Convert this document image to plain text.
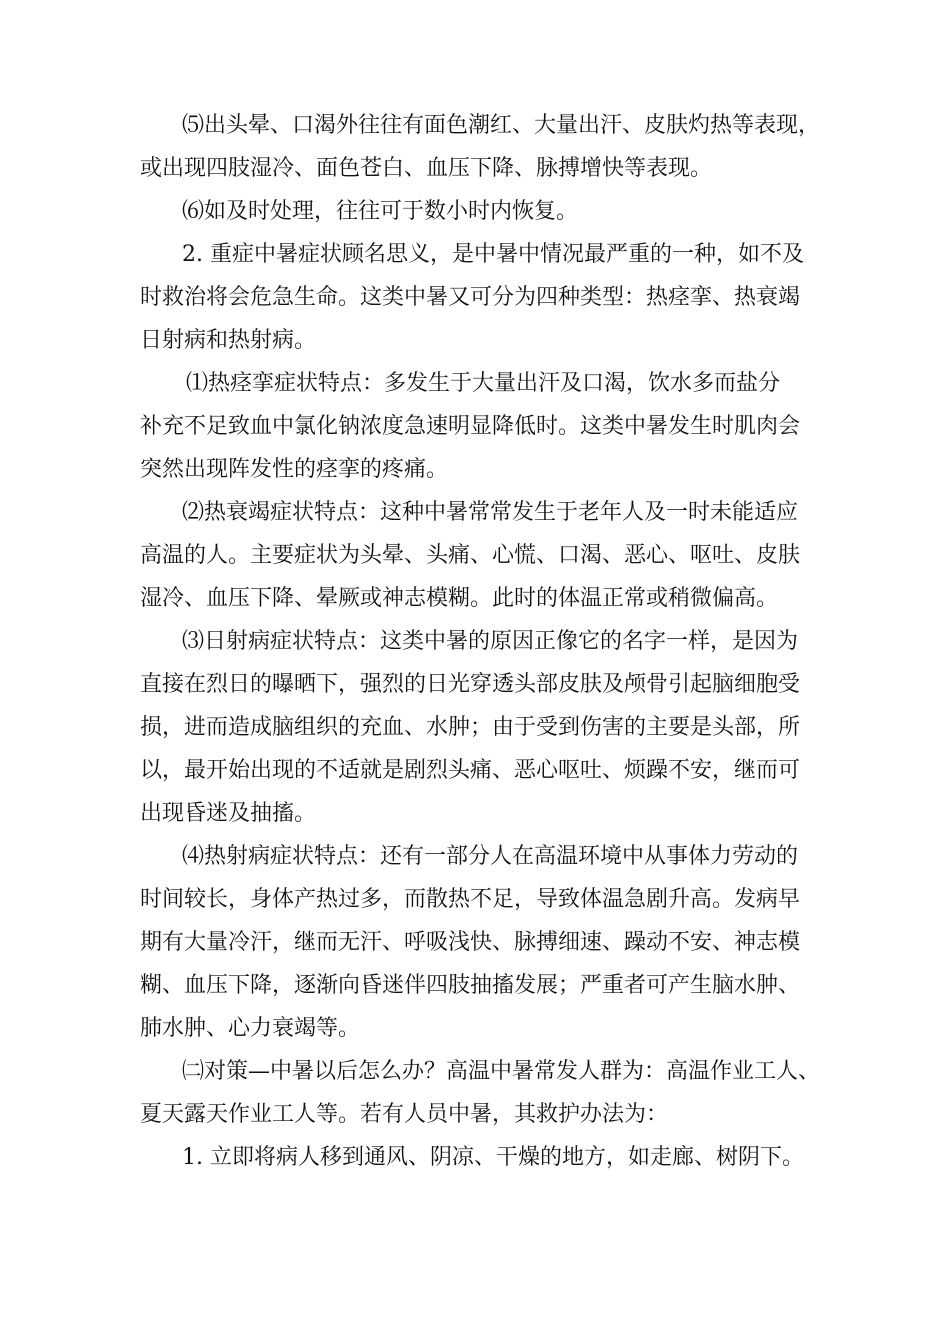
⑸出头晕、口渴外往往有面色潮红、大量出汗、皮肤灼热等表现，
或出现四肢湿冷、面色苍白、血压下降、脉搏增快等表现。
⑹如及时处理，往往可于数小时内恢复。
2. 重症中暑症状顾名思义，是中暑中情况最严重的一种，如不及
时救治将会危急生命。这类中暑又可分为四种类型：热痉挛、热衰竭
日射病和热射病。
⑴热痉挛症状特点：多发生于大量出汗及口渴，饮水多而盐分
补充不足致血中氯化钠浓度急速明显降低时。这类中暑发生时肌肉会
突然出现阵发性的痉挛的疼痛。
⑵热衰竭症状特点：这种中暑常常发生于老年人及一时未能适应
高温的人。主要症状为头晕、头痛、心慌、口渴、恶心、呕吐、皮肤
湿冷、血压下降、晕厥或神志模糊。此时的体温正常或稍微偏高。
⑶日射病症状特点：这类中暑的原因正像它的名字一样，是因为
直接在烈日的曝晒下，强烈的日光穿透头部皮肤及颅骨引起脑细胞受
损，进而造成脑组织的充血、水肿；由于受到伤害的主要是头部，所
以，最开始出现的不适就是剧烈头痛、恶心呕吐、烦躁不安，继而可
出现昏迷及抽搐。
⑷热射病症状特点：还有一部分人在高温环境中从事体力劳动的
时间较长，身体产热过多，而散热不足，导致体温急剧升高。发病早
期有大量冷汗，继而无汗、呼吸浅快、脉搏细速、躁动不安、神志模
糊、血压下降，逐渐向昏迷伴四肢抽搐发展；严重者可产生脑水肿、
肺水肿、心力衰竭等。
㈡对策—中暑以后怎么办？高温中暑常发人群为：高温作业工人、
夏天露天作业工人等。若有人员中暑，其救护办法为：
1. 立即将病人移到通风、阴凉、干燥的地方，如走廊、树阴下。
